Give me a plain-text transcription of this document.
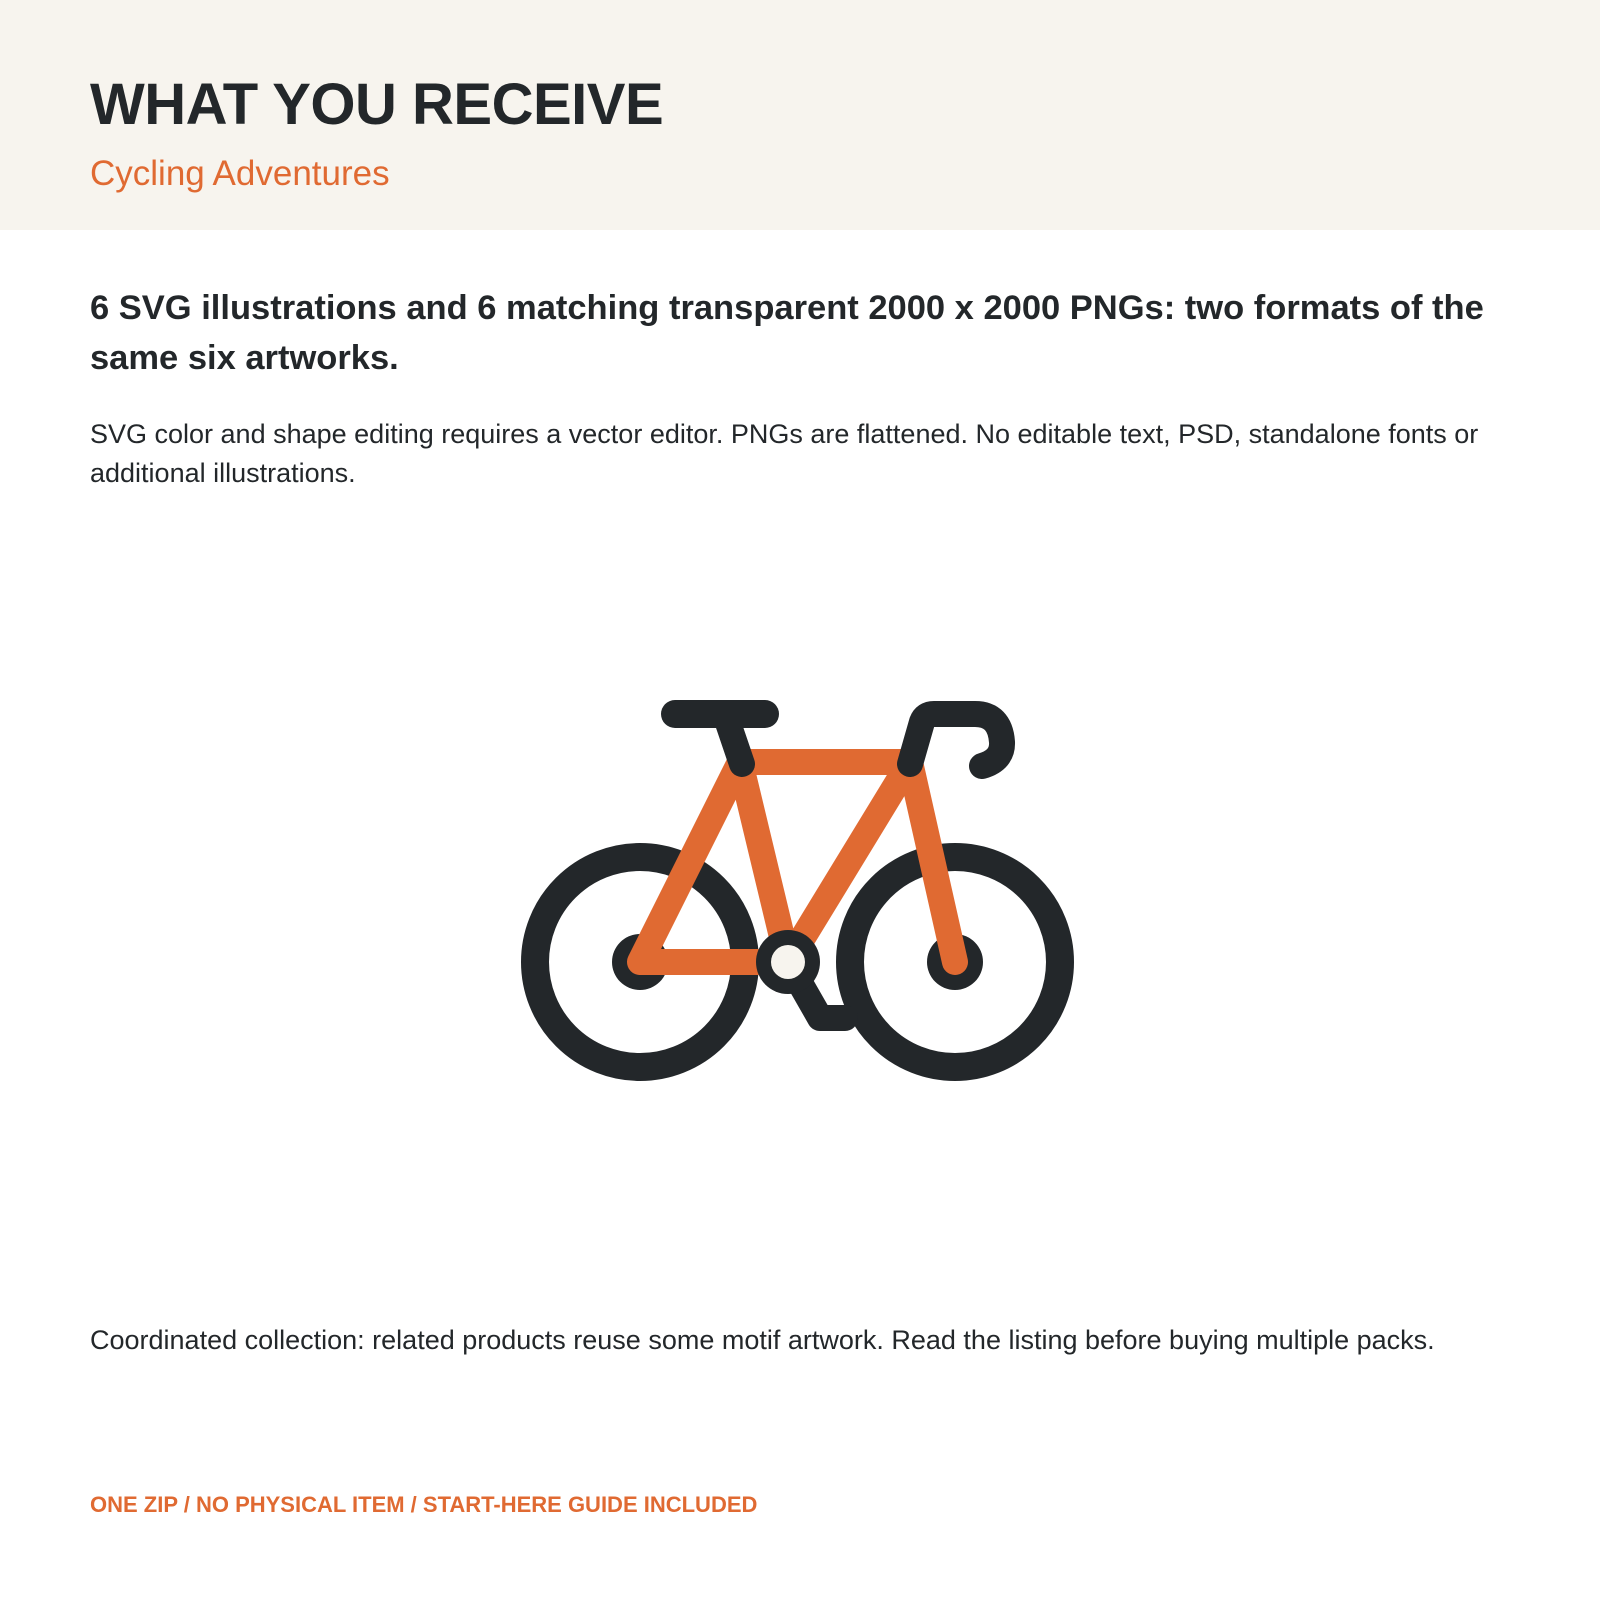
WHAT YOU RECEIVE
Cycling Adventures

6 SVG illustrations and 6 matching transparent 2000 x 2000 PNGs: two formats of the same six artworks.

SVG color and shape editing requires a vector editor. PNGs are flattened. No editable text, PSD, standalone fonts or additional illustrations.

Coordinated collection: related products reuse some motif artwork. Read the listing before buying multiple packs.

ONE ZIP / NO PHYSICAL ITEM / START-HERE GUIDE INCLUDED
